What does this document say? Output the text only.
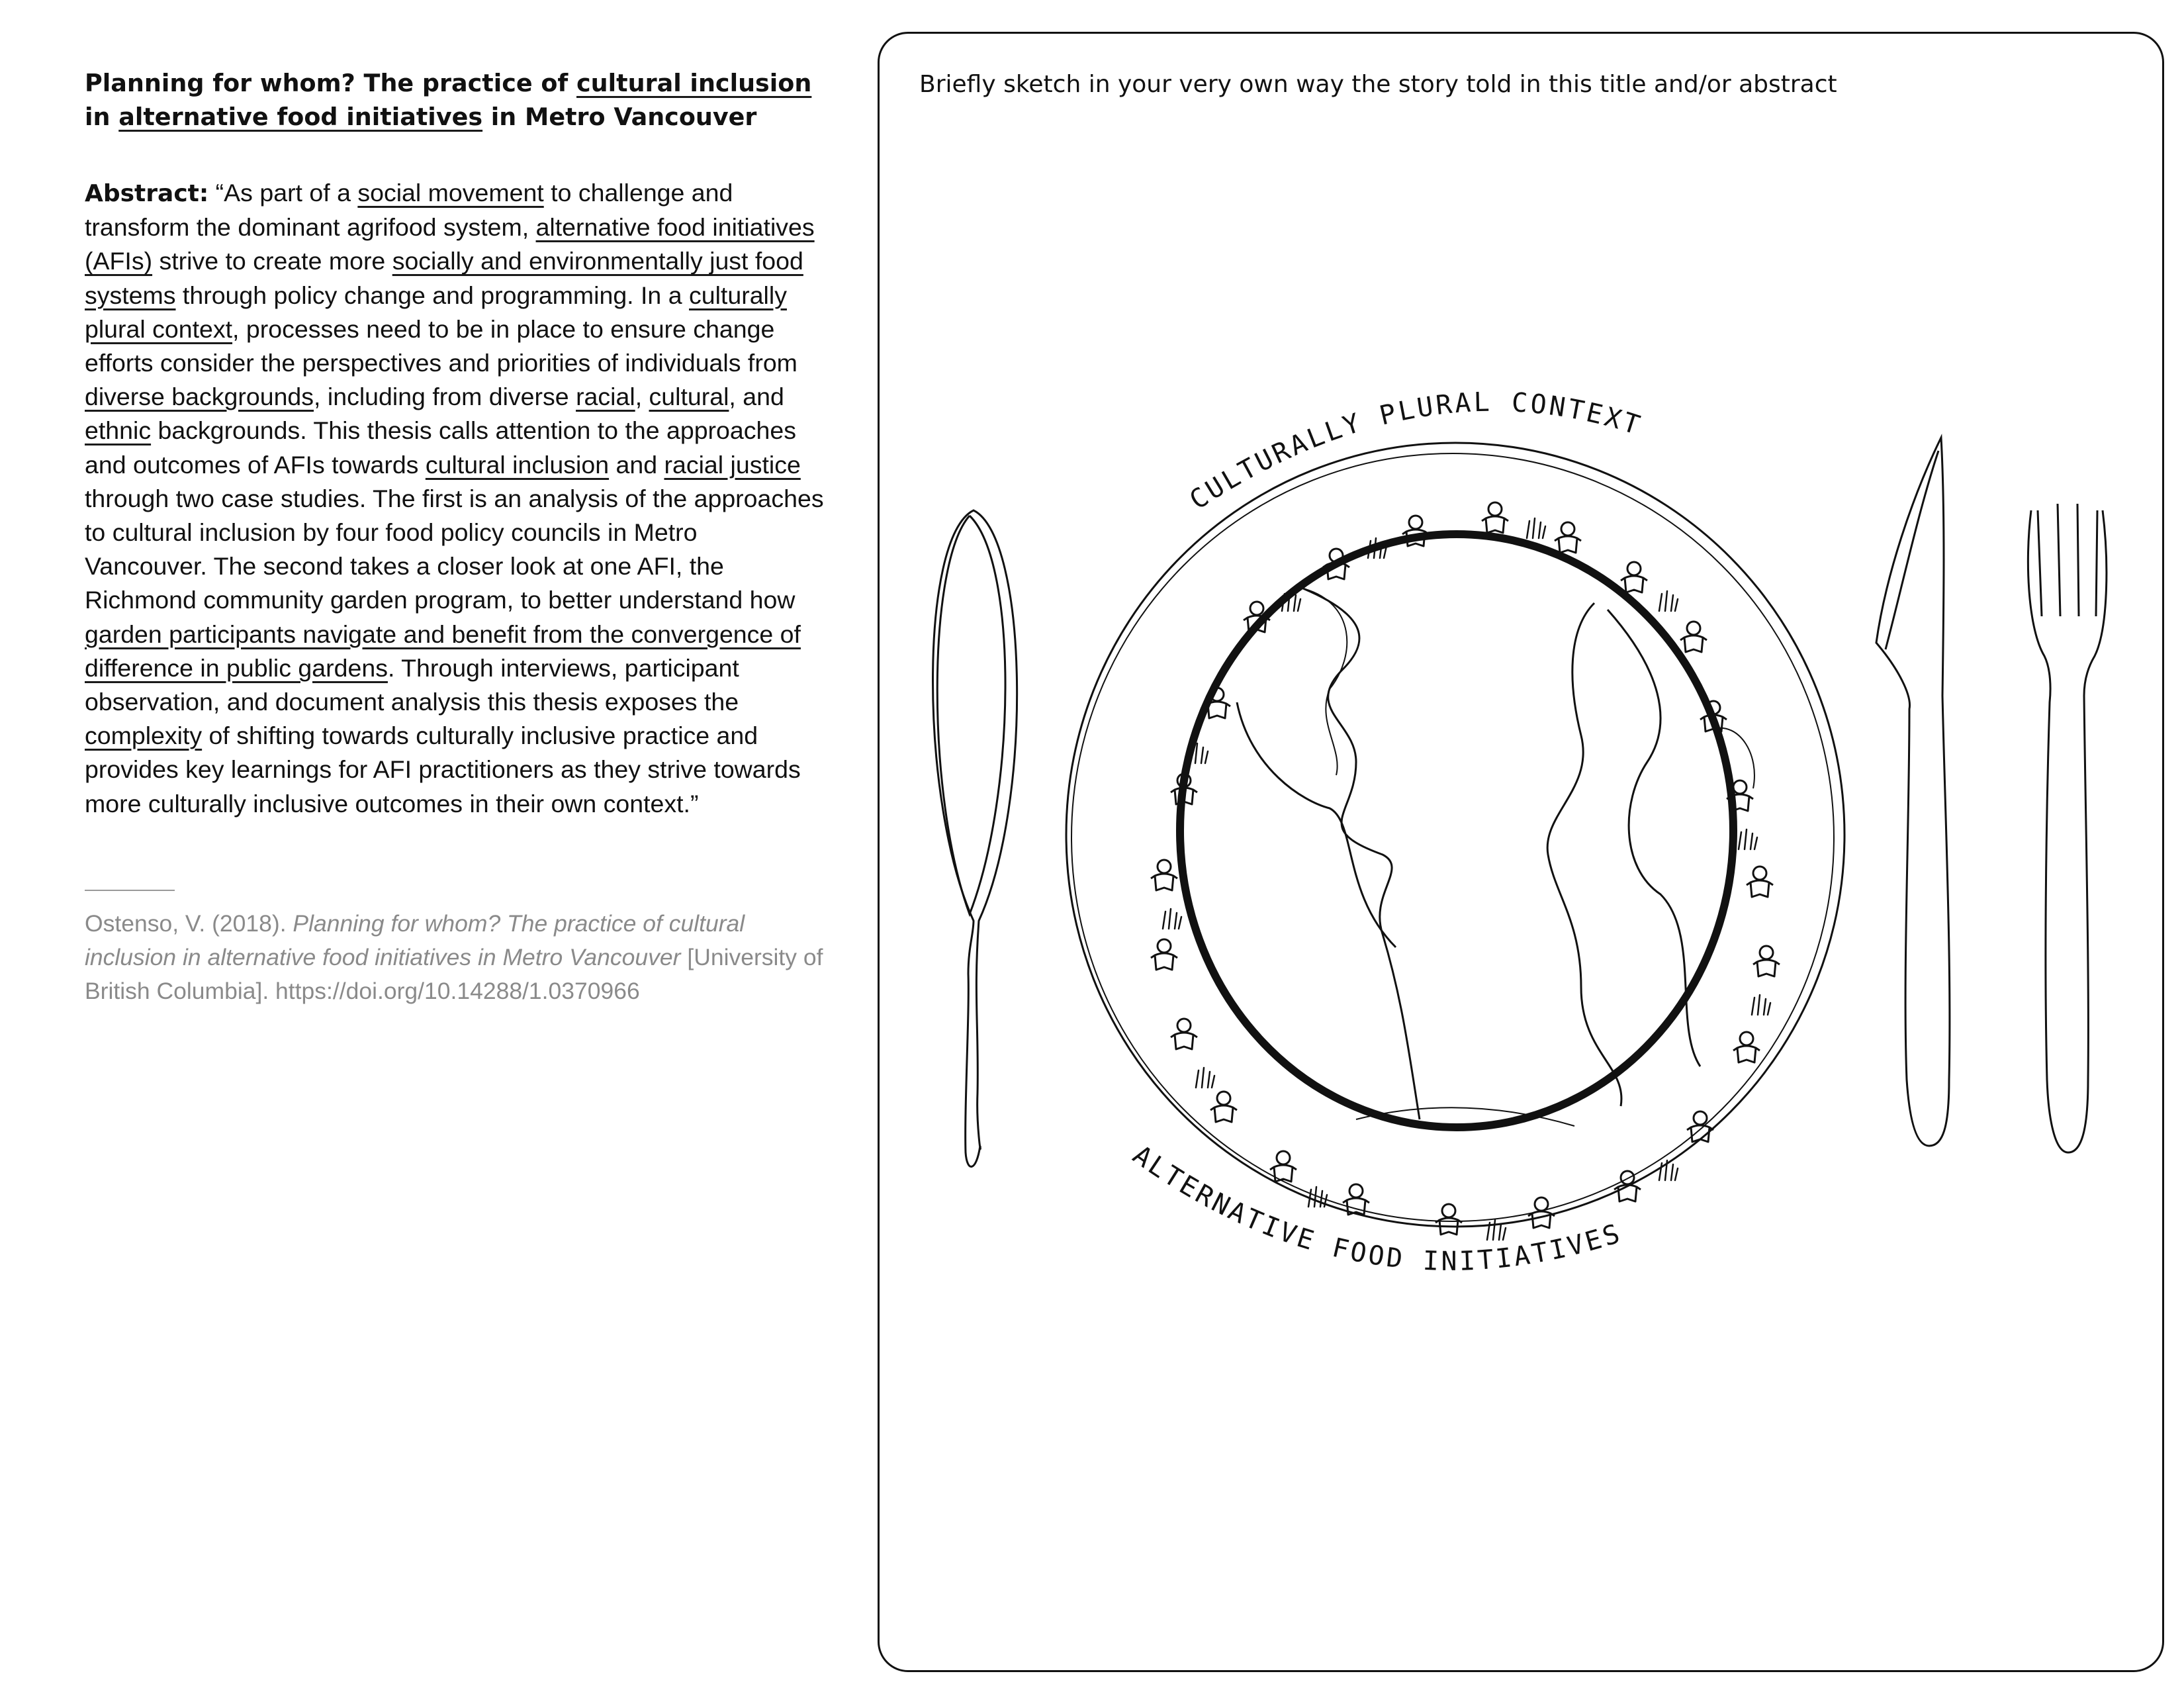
Planning for whom? The practice of cultural inclusion in alternative food initiatives in Metro Vancouver

Abstract: “As part of a social movement to challenge and transform the dominant agrifood system, alternative food initiatives (AFIs) strive to create more socially and environmentally just food systems through policy change and programming. In a culturally plural context, processes need to be in place to ensure change efforts consider the perspectives and priorities of individuals from diverse backgrounds, including from diverse racial, cultural, and ethnic backgrounds. This thesis calls attention to the approaches and outcomes of AFIs towards cultural inclusion and racial justice through two case studies. The first is an analysis of the approaches to cultural inclusion by four food policy councils in Metro Vancouver. The second takes a closer look at one AFI, the Richmond community garden program, to better understand how garden participants navigate and benefit from the convergence of difference in public gardens. Through interviews, participant observation, and document analysis this thesis exposes the complexity of shifting towards culturally inclusive practice and provides key learnings for AFI practitioners as they strive towards more culturally inclusive outcomes in their own context.”

Ostenso, V. (2018). Planning for whom? The practice of cultural inclusion in alternative food initiatives in Metro Vancouver [University of British Columbia]. https://doi.org/10.14288/1.0370966

Briefly sketch in your very own way the story told in this title and/or abstract

CULTURALLY PLURAL CONTEXT
ALTERNATIVE FOOD INITIATIVES
